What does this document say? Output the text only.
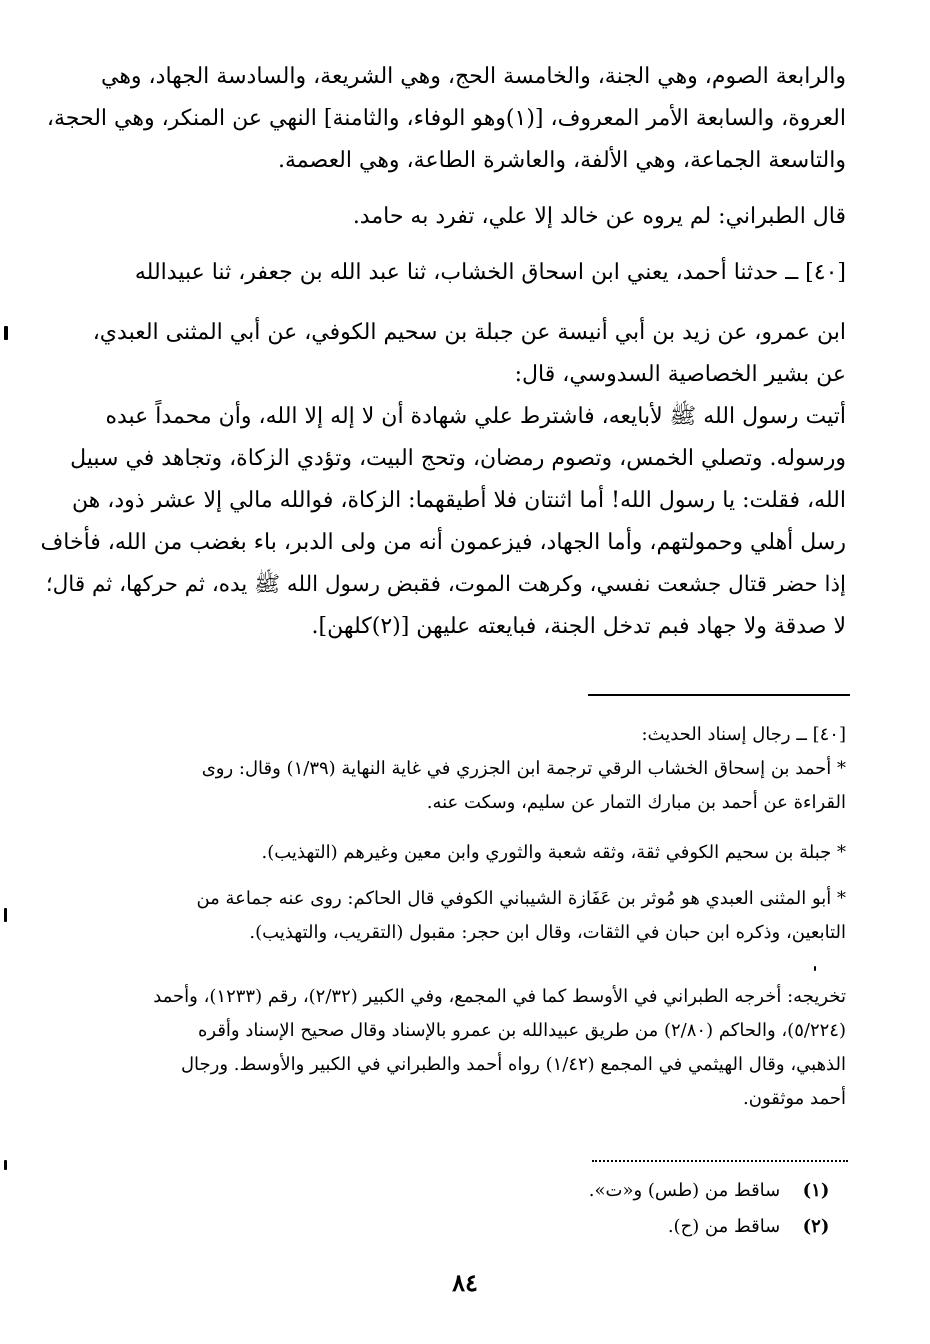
والرابعة الصوم، وهي الجنة، والخامسة الحج، وهي الشريعة، والسادسة الجهاد، وهي
العروة، والسابعة الأمر المعروف، [(١)وهو الوفاء، والثامنة] النهي عن المنكر، وهي الحجة،
والتاسعة الجماعة، وهي الألفة، والعاشرة الطاعة، وهي العصمة.
قال الطبراني: لم يروه عن خالد إلا علي، تفرد به حامد.
[٤٠] ــ حدثنا أحمد، يعني ابن اسحاق الخشاب، ثنا عبد الله بن جعفر، ثنا عبيدالله
ابن عمرو، عن زيد بن أبي أنيسة عن جبلة بن سحيم الكوفي، عن أبي المثنى العبدي،
عن بشير الخصاصية السدوسي، قال:
أتيت رسول الله ﷺ لأبايعه، فاشترط علي شهادة أن لا إله إلا الله، وأن محمداً عبده
ورسوله. وتصلي الخمس، وتصوم رمضان، وتحج البيت، وتؤدي الزكاة، وتجاهد في سبيل
الله، فقلت: يا رسول الله! أما اثنتان فلا أطيقهما: الزكاة، فوالله مالي إلا عشر ذود، هن
رسل أهلي وحمولتهم، وأما الجهاد، فيزعمون أنه من ولى الدبر، باء بغضب من الله، فأخاف
إذا حضر قتال جشعت نفسي، وكرهت الموت، فقبض رسول الله ﷺ يده، ثم حركها، ثم قال؛
لا صدقة ولا جهاد فبم تدخل الجنة، فبايعته عليهن [(٢)كلهن].
[٤٠] ــ رجال إسناد الحديث:
* أحمد بن إسحاق الخشاب الرقي ترجمة ابن الجزري في غاية النهاية (١/٣٩) وقال: روى
القراءة عن أحمد بن مبارك التمار عن سليم، وسكت عنه.
* جبلة بن سحيم الكوفي ثقة، وثقه شعبة والثوري وابن معين وغيرهم (التهذيب).
* أبو المثنى العبدي هو مُوثر بن عَفَازة الشيباني الكوفي قال الحاكم: روى عنه جماعة من
التابعين، وذكره ابن حبان في الثقات، وقال ابن حجر: مقبول (التقريب، والتهذيب).
تخريجه: أخرجه الطبراني في الأوسط كما في المجمع، وفي الكبير (٢/٣٢)، رقم (١٢٣٣)، وأحمد
(٥/٢٢٤)، والحاكم (٢/٨٠) من طريق عبيدالله بن عمرو بالإسناد وقال صحيح الإسناد وأقره
الذهبي، وقال الهيثمي في المجمع (١/٤٢) رواه أحمد والطبراني في الكبير والأوسط. ورجال
أحمد موثقون.
(١) ساقط من (طس) و«ت».
(٢) ساقط من (ح).
٨٤
